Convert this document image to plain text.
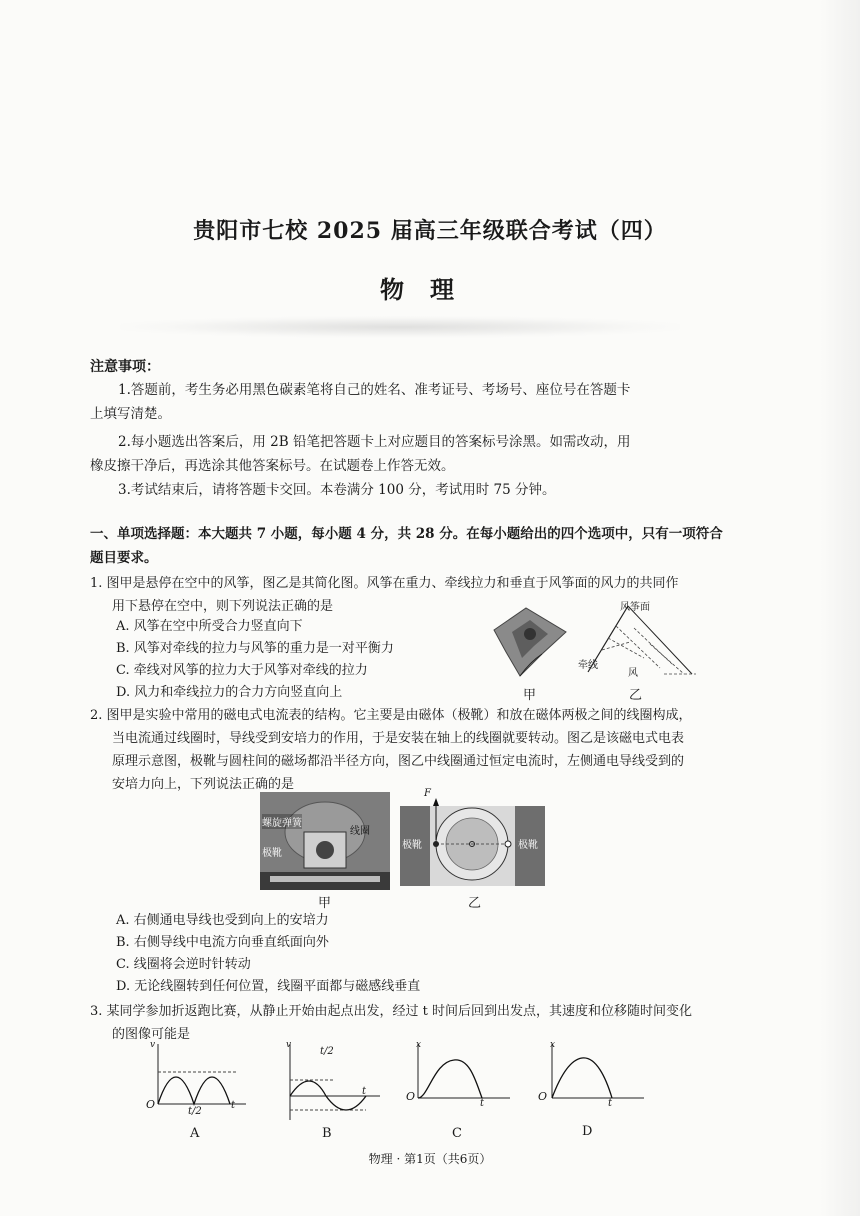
贵阳市七校 2025 届高三年级联合考试（四）
物理
注意事项：
1.答题前，考生务必用黑色碳素笔将自己的姓名、准考证号、考场号、座位号在答题卡
上填写清楚。
2.每小题选出答案后，用 2B 铅笔把答题卡上对应题目的答案标号涂黑。如需改动，用
橡皮擦干净后，再选涂其他答案标号。在试题卷上作答无效。
3.考试结束后，请将答题卡交回。本卷满分 100 分，考试用时 75 分钟。
一、单项选择题：本大题共 7 小题，每小题 4 分，共 28 分。在每小题给出的四个选项中，只有一项符合
题目要求。
1. 图甲是悬停在空中的风筝，图乙是其简化图。风筝在重力、牵线拉力和垂直于风筝面的风力的共同作
用下悬停在空中，则下列说法正确的是
A. 风筝在空中所受合力竖直向下
B. 风筝对牵线的拉力与风筝的重力是一对平衡力
C. 牵线对风筝的拉力大于风筝对牵线的拉力
D. 风力和牵线拉力的合力方向竖直向上	甲
风筝面
牵线
风
乙
2. 图甲是实验中常用的磁电式电流表的结构。它主要是由磁体（极靴）和放在磁体两极之间的线圈构成，
当电流通过线圈时，导线受到安培力的作用，于是安装在轴上的线圈就要转动。图乙是该磁电式电表
原理示意图，极靴与圆柱间的磁场都沿半径方向，图乙中线圈通过恒定电流时，左侧通电导线受到的
安培力向上，下列说法正确的是
螺旋弹簧
线圈
极靴
甲
F
极靴	极靴
乙
A. 右侧通电导线也受到向上的安培力
B. 右侧导线中电流方向垂直纸面向外
C. 线圈将会逆时针转动
D. 无论线圈转到任何位置，线圈平面都与磁感线垂直
3. 某同学参加折返跑比赛，从静止开始由起点出发，经过 t 时间后回到出发点，其速度和位移随时间变化
的图像可能是
v
O
t/2
t
A
v
t/2
t
B
x
O
t
C
x
O
t
D
物理 · 第1页（共6页）
